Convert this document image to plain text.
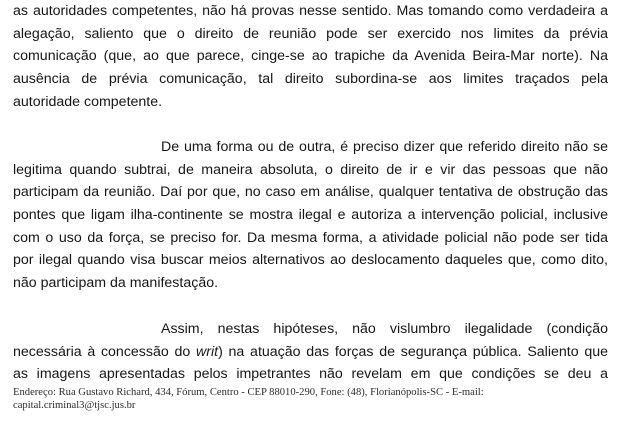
as autoridades competentes, não há provas nesse sentido. Mas tomando como verdadeira a
alegação, saliento que o direito de reunião pode ser exercido nos limites da prévia
comunicação (que, ao que parece, cinge-se ao trapiche da Avenida Beira-Mar norte). Na
ausência de prévia comunicação, tal direito subordina-se aos limites traçados pela
autoridade competente.

De uma forma ou de outra, é preciso dizer que referido direito não se
legitima quando subtrai, de maneira absoluta, o direito de ir e vir das pessoas que não
participam da reunião. Daí por que, no caso em análise, qualquer tentativa de obstrução das
pontes que ligam ilha-continente se mostra ilegal e autoriza a intervenção policial, inclusive
com o uso da força, se preciso for. Da mesma forma, a atividade policial não pode ser tida
por ilegal quando visa buscar meios alternativos ao deslocamento daqueles que, como dito,
não participam da manifestação.

Assim, nestas hipóteses, não vislumbro ilegalidade (condição
necessária à concessão do writ) na atuação das forças de segurança pública. Saliento que
as imagens apresentadas pelos impetrantes não revelam em que condições se deu a

Endereço: Rua Gustavo Richard, 434, Fórum, Centro - CEP 88010-290, Fone: (48), Florianópolis-SC - E-mail:
capital.criminal3@tjsc.jus.br
